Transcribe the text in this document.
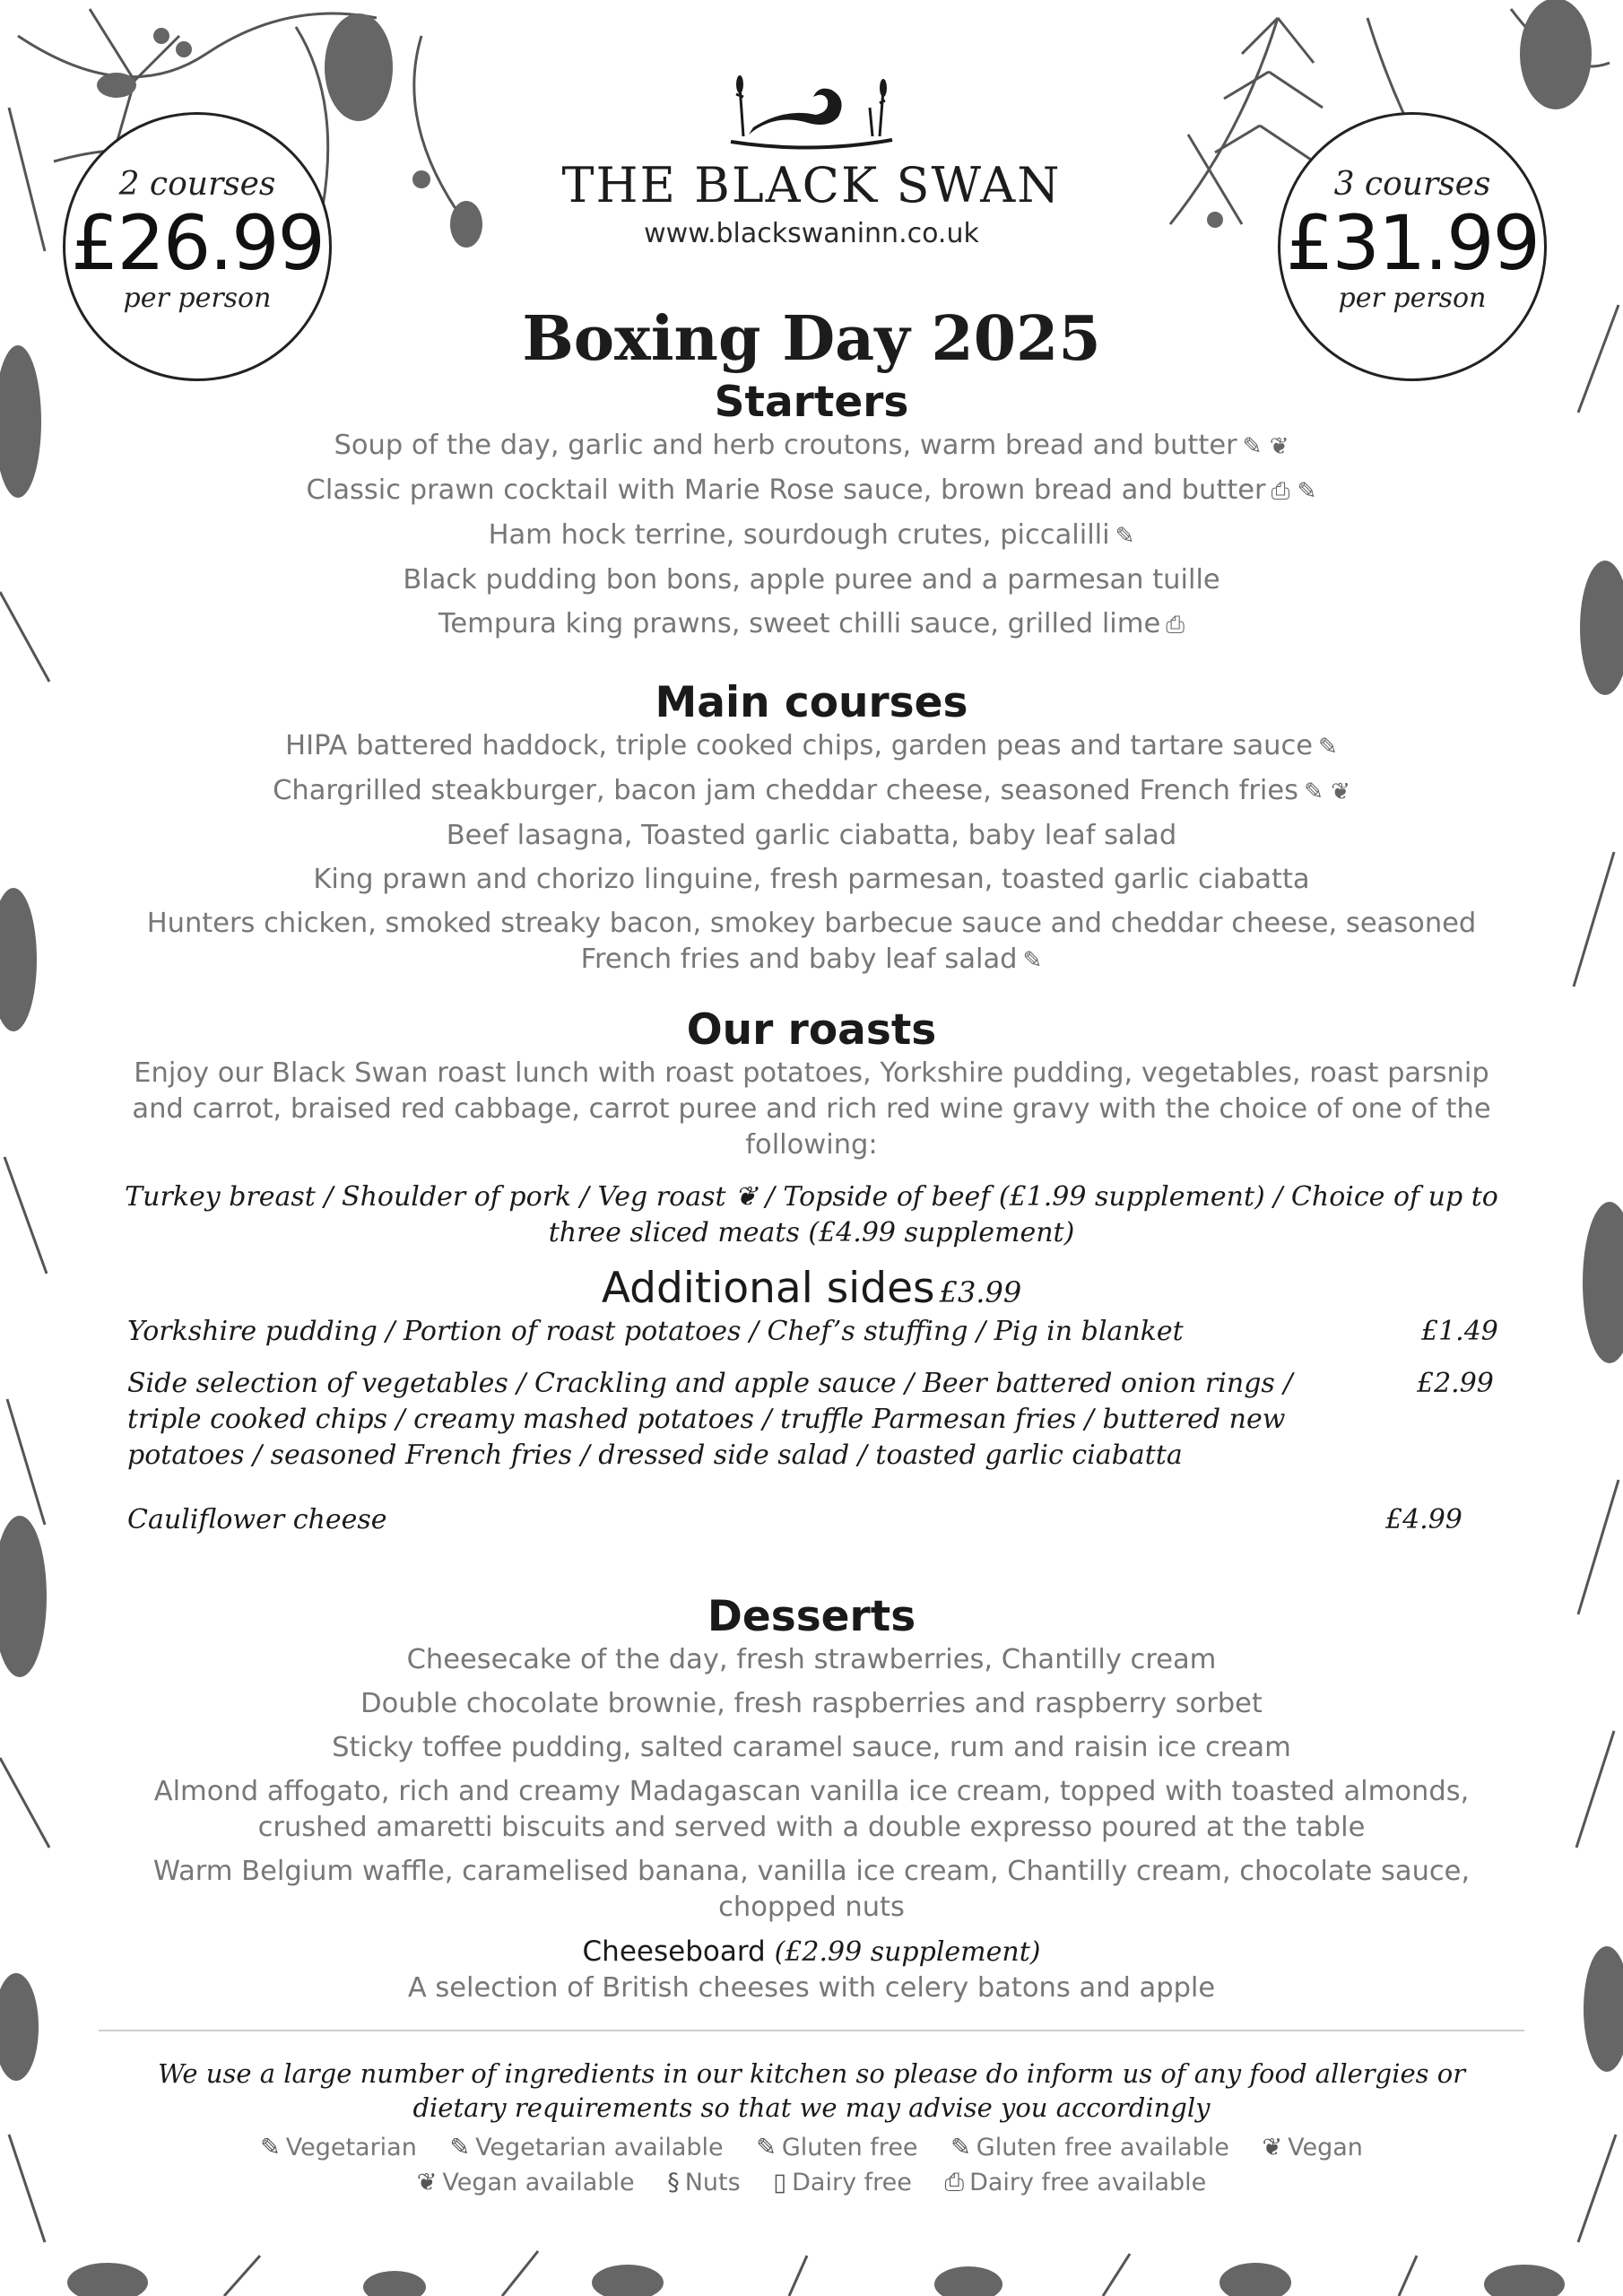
THE BLACK SWAN
www.blackswaninn.co.uk
2 courses
£26.99
per person
3 courses
£31.99
per person
Boxing Day 2025
Starters

Soup of the day, garlic and herb croutons, warm bread and butter ✎ ❦

Classic prawn cocktail with Marie Rose sauce, brown bread and butter ⎙ ✎

Ham hock terrine, sourdough crutes, piccalilli ✎

Black pudding bon bons, apple puree and a parmesan tuille

Tempura king prawns, sweet chilli sauce, grilled lime ⎙

Main courses

HIPA battered haddock, triple cooked chips, garden peas and tartare sauce ✎

Chargrilled steakburger, bacon jam cheddar cheese, seasoned French fries ✎ ❦

Beef lasagna, Toasted garlic ciabatta, baby leaf salad

King prawn and chorizo linguine, fresh parmesan, toasted garlic ciabatta

Hunters chicken, smoked streaky bacon, smokey barbecue sauce and cheddar cheese, seasoned French fries and baby leaf salad ✎

Our roasts

Enjoy our Black Swan roast lunch with roast potatoes, Yorkshire pudding, vegetables, roast parsnip and carrot, braised red cabbage, carrot puree and rich red wine gravy with the choice of one of the following:

Turkey breast / Shoulder of pork / Veg roast ❦ / Topside of beef (£1.99 supplement) / Choice of up to three sliced meats (£4.99 supplement)

Additional sides £3.99
Yorkshire pudding / Portion of roast potatoes / Chef’s stuffing / Pig in blanket	£1.49
Side selection of vegetables / Crackling and apple sauce / Beer battered onion rings / triple cooked chips / creamy mashed potatoes / truffle Parmesan fries / buttered new potatoes / seasoned French fries / dressed side salad / toasted garlic ciabatta
£2.99
Cauliflower cheese	£4.99
Desserts

Cheesecake of the day, fresh strawberries, Chantilly cream

Double chocolate brownie, fresh raspberries and raspberry sorbet

Sticky toffee pudding, salted caramel sauce, rum and raisin ice cream

Almond affogato, rich and creamy Madagascan vanilla ice cream, topped with toasted almonds, crushed amaretti biscuits and served with a double expresso poured at the table

Warm Belgium waffle, caramelised banana, vanilla ice cream, Chantilly cream, chocolate sauce, chopped nuts

Cheeseboard (£2.99 supplement)

A selection of British cheeses with celery batons and apple

We use a large number of ingredients in our kitchen so please do inform us of any food allergies or dietary requirements so that we may advise you accordingly

✎ Vegetarian ✎ Vegetarian available ✎ Gluten free ✎ Gluten free available ❦ Vegan
❦ Vegan available § Nuts ▯ Dairy free ⎙ Dairy free available
